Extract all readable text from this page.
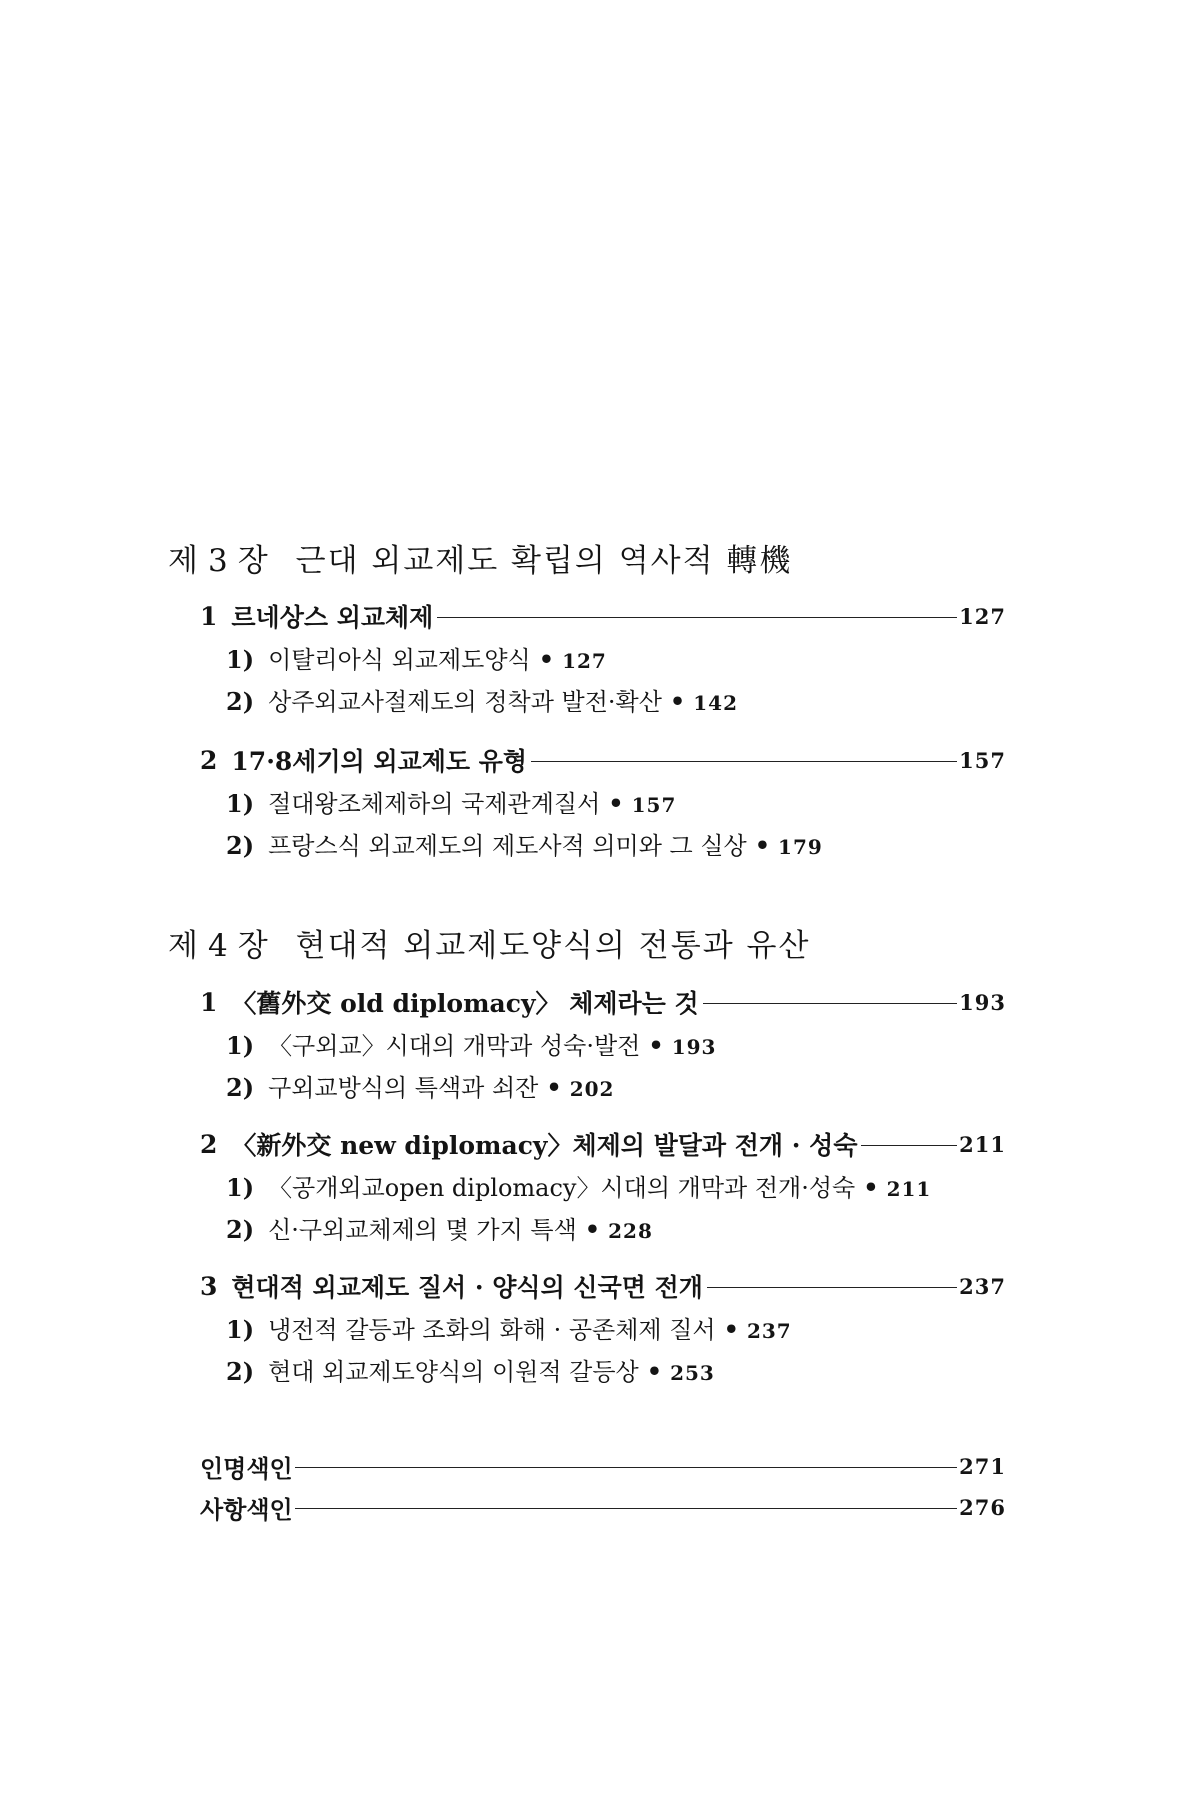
제 3 장 근대 외교제도 확립의 역사적 轉機
1 르네상스 외교체제	127
1) 이탈리아식 외교제도양식 • 127
2) 상주외교사절제도의 정착과 발전·확산 • 142
2 17·8세기의 외교제도 유형	157
1) 절대왕조체제하의 국제관계질서 • 157
2) 프랑스식 외교제도의 제도사적 의미와 그 실상 • 179
제 4 장 현대적 외교제도양식의 전통과 유산
1 〈舊外交 old diplomacy〉 체제라는 것	193
1) 〈구외교〉시대의 개막과 성숙·발전 • 193
2) 구외교방식의 특색과 쇠잔 • 202
2 〈新外交 new diplomacy〉체제의 발달과 전개 · 성숙	211
1) 〈공개외교open diplomacy〉시대의 개막과 전개·성숙 • 211
2) 신·구외교체제의 몇 가지 특색 • 228
3 현대적 외교제도 질서 · 양식의 신국면 전개	237
1) 냉전적 갈등과 조화의 화해 · 공존체제 질서 • 237
2) 현대 외교제도양식의 이원적 갈등상 • 253
인명색인	271
사항색인	276
